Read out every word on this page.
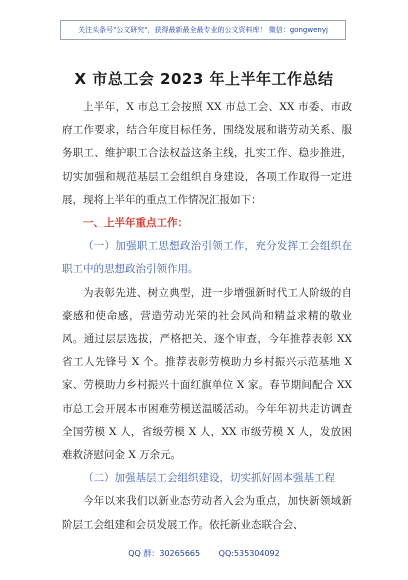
关注头条号"公文研究"，获得最新最全最专业的公文资料库！ 微信：gongwenyj
X 市总工会 2023 年上半年工作总结

上半年，X 市总工会按照 XX 市总工会、XX 市委、市政府工作要求，结合年度目标任务，围绕发展和谐劳动关系、服务职工、维护职工合法权益这条主线，扎实工作、稳步推进，切实加强和规范基层工会组织自身建设，各项工作取得一定进展，现将上半年的重点工作情况汇报如下：

一、上半年重点工作：

（一）加强职工思想政治引领工作，充分发挥工会组织在职工中的思想政治引领作用。

为表彰先进、树立典型，进一步增强新时代工人阶级的自豪感和使命感，营造劳动光荣的社会风尚和精益求精的敬业风。通过层层选拔，严格把关、逐个审查，今年推荐表彰 XX 省工人先锋号 X 个。推荐表彰劳模助力乡村振兴示范基地 X 家、劳模助力乡村振兴十面红旗单位 X 家。春节期间配合 XX 市总工会开展本市困难劳模送温暖活动。今年年初共走访调查全国劳模 X 人，省级劳模 X 人，XX 市级劳模 X 人，发放困难救济慰问金 X 万余元。

（二）加强基层工会组织建设，切实抓好固本强基工程

今年以来我们以新业态劳动者入会为重点，加快新领域新阶层工会组建和会员发展工作。依托新业态联合会、

QQ 群：30265665 QQ:535304092
